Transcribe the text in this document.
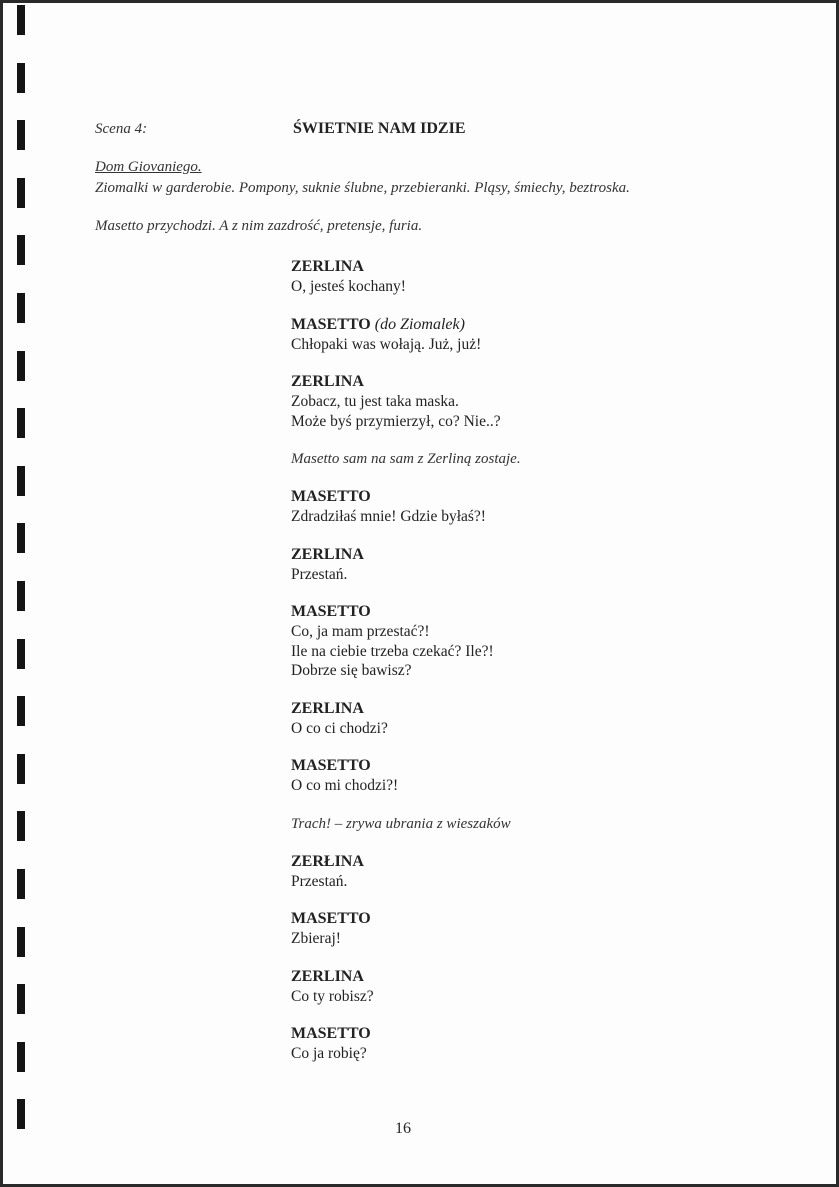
Scena 4:	ŚWIETNIE NAM IDZIE
Dom Giovaniego.
Ziomalki w garderobie. Pompony, suknie ślubne, przebieranki. Pląsy, śmiechy, beztroska.
Masetto przychodzi. A z nim zazdrość, pretensje, furia.
ZERLINA
O, jesteś kochany!
MASETTO (do Ziomalek)
Chłopaki was wołają. Już, już!
ZERLINA
Zobacz, tu jest taka maska.
Może byś przymierzył, co? Nie..?
Masetto sam na sam z Zerliną zostaje.
MASETTO
Zdradziłaś mnie! Gdzie byłaś?!
ZERLINA
Przestań.
MASETTO
Co, ja mam przestać?!
Ile na ciebie trzeba czekać? Ile?!
Dobrze się bawisz?
ZERLINA
O co ci chodzi?
MASETTO
O co mi chodzi?!
Trach! – zrywa ubrania z wieszaków
ZERŁINA
Przestań.
MASETTO
Zbieraj!
ZERLINA
Co ty robisz?
MASETTO
Co ja robię?
16
